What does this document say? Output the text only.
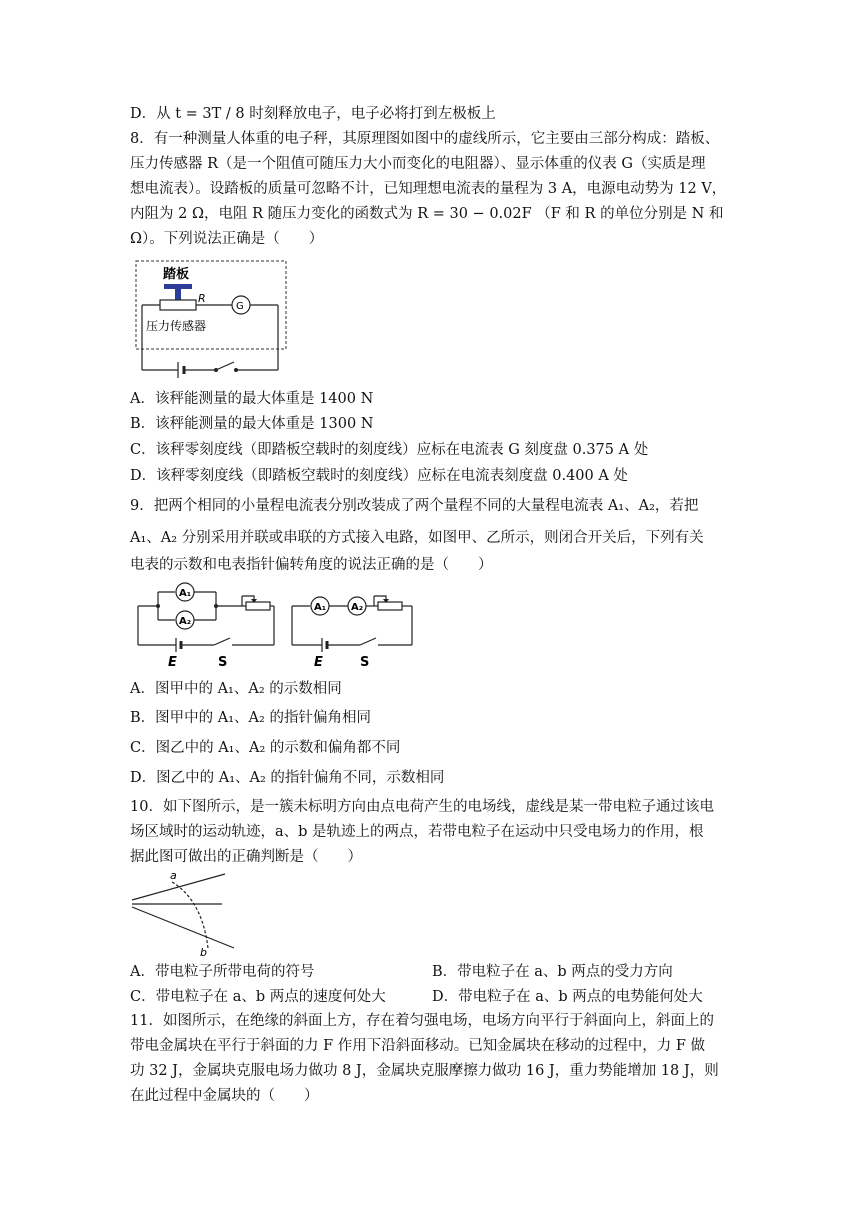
D．从 t = 3T / 8 时刻释放电子，电子必将打到左极板上
8．有一种测量人体重的电子秤，其原理图如图中的虚线所示，它主要由三部分构成：踏板、
压力传感器 R（是一个阻值可随压力大小而变化的电阻器）、显示体重的仪表 G（实质是理
想电流表）。设踏板的质量可忽略不计，已知理想电流表的量程为 3 A，电源电动势为 12 V，
内阻为 2 Ω，电阻 R 随压力变化的函数式为 R = 30 − 0.02F （F 和 R 的单位分别是 N 和
Ω）。下列说法正确是（　　）
踏板
R
G
压力传感器
A．该秤能测量的最大体重是 1400 N
B．该秤能测量的最大体重是 1300 N
C．该秤零刻度线（即踏板空载时的刻度线）应标在电流表 G 刻度盘 0.375 A 处
D．该秤零刻度线（即踏板空载时的刻度线）应标在电流表刻度盘 0.400 A 处
9．把两个相同的小量程电流表分别改装成了两个量程不同的大量程电流表 A₁、A₂，若把
A₁、A₂ 分别采用并联或串联的方式接入电路，如图甲、乙所示，则闭合开关后，下列有关
电表的示数和电表指针偏转角度的说法正确的是（　　）
A₁
A₂
E	S
A₁ A₂
E	S
A．图甲中的 A₁、A₂ 的示数相同
B．图甲中的 A₁、A₂ 的指针偏角相同
C．图乙中的 A₁、A₂ 的示数和偏角都不同
D．图乙中的 A₁、A₂ 的指针偏角不同，示数相同
10．如下图所示，是一簇未标明方向由点电荷产生的电场线，虚线是某一带电粒子通过该电
场区域时的运动轨迹，a、b 是轨迹上的两点，若带电粒子在运动中只受电场力的作用，根
据此图可做出的正确判断是（　　）
a
b
A．带电粒子所带电荷的符号	B．带电粒子在 a、b 两点的受力方向
C．带电粒子在 a、b 两点的速度何处大	D．带电粒子在 a、b 两点的电势能何处大
11．如图所示，在绝缘的斜面上方，存在着匀强电场，电场方向平行于斜面向上，斜面上的
带电金属块在平行于斜面的力 F 作用下沿斜面移动。已知金属块在移动的过程中，力 F 做
功 32 J，金属块克服电场力做功 8 J，金属块克服摩擦力做功 16 J，重力势能增加 18 J，则
在此过程中金属块的（　　）
